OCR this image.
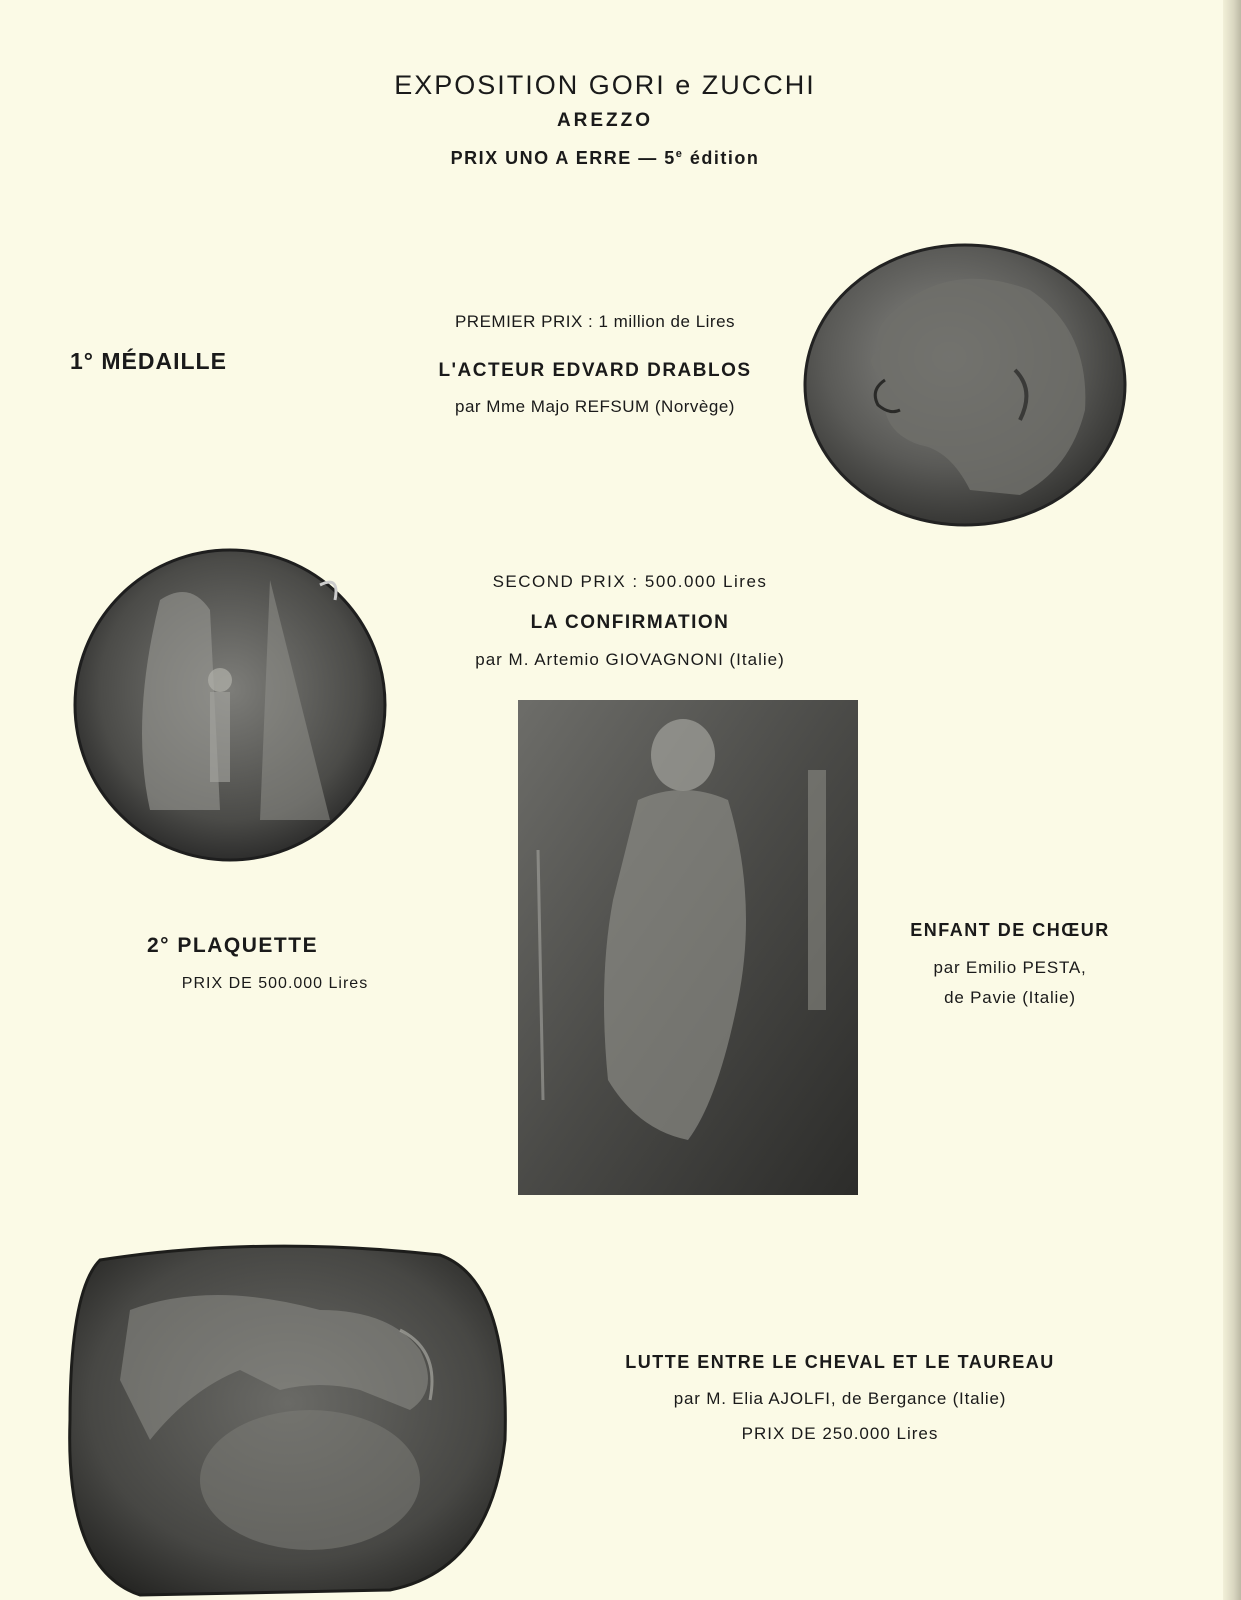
EXPOSITION GORI e ZUCCHI
AREZZO
PRIX UNO A ERRE — 5e édition
1° MÉDAILLE
PREMIER PRIX : 1 million de Lires
L'ACTEUR EDVARD DRABLOS
par Mme Majo REFSUM (Norvège)
SECOND PRIX : 500.000 Lires
LA CONFIRMATION
par M. Artemio GIOVAGNONI (Italie)
2° PLAQUETTE
PRIX DE 500.000 Lires
ENFANT DE CHŒUR
par Emilio PESTA,
de Pavie (Italie)
LUTTE ENTRE LE CHEVAL ET LE TAUREAU
par M. Elia AJOLFI, de Bergance (Italie)
PRIX DE 250.000 Lires
